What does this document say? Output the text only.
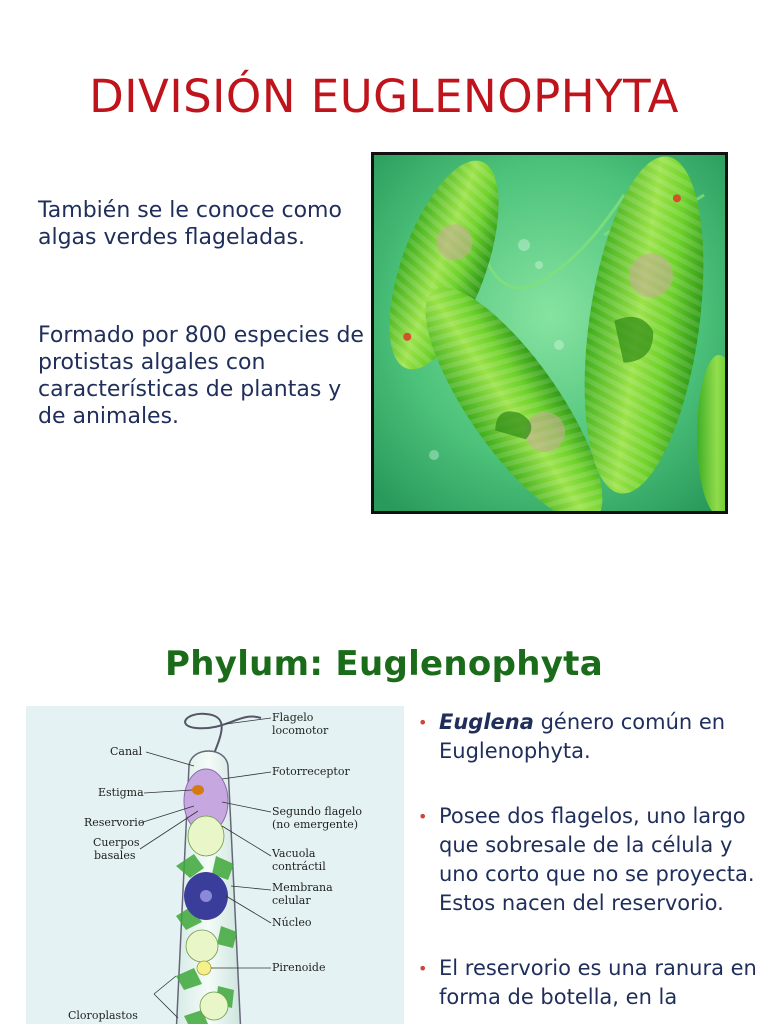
DIVISIÓN EUGLENOPHYTA
También se le conoce como algas verdes flageladas.
Formado por 800 especies de protistas algales con características de plantas y de animales.
Phylum: Euglenophyta
Flagelo
locomotor
Canal
Fotorreceptor
Estigma
Segundo flagelo
(no emergente)
Reservorio
Cuerpos
basales	Vacuola
contráctil
Membrana
celular
Núcleo
Pirenoide
Cloroplastos
• Euglena género común en Euglenophyta.
• Posee dos flagelos, uno largo que sobresale de la célula y uno corto que no se proyecta. Estos nacen del reservorio.
• El reservorio es una ranura en forma de botella, en la
